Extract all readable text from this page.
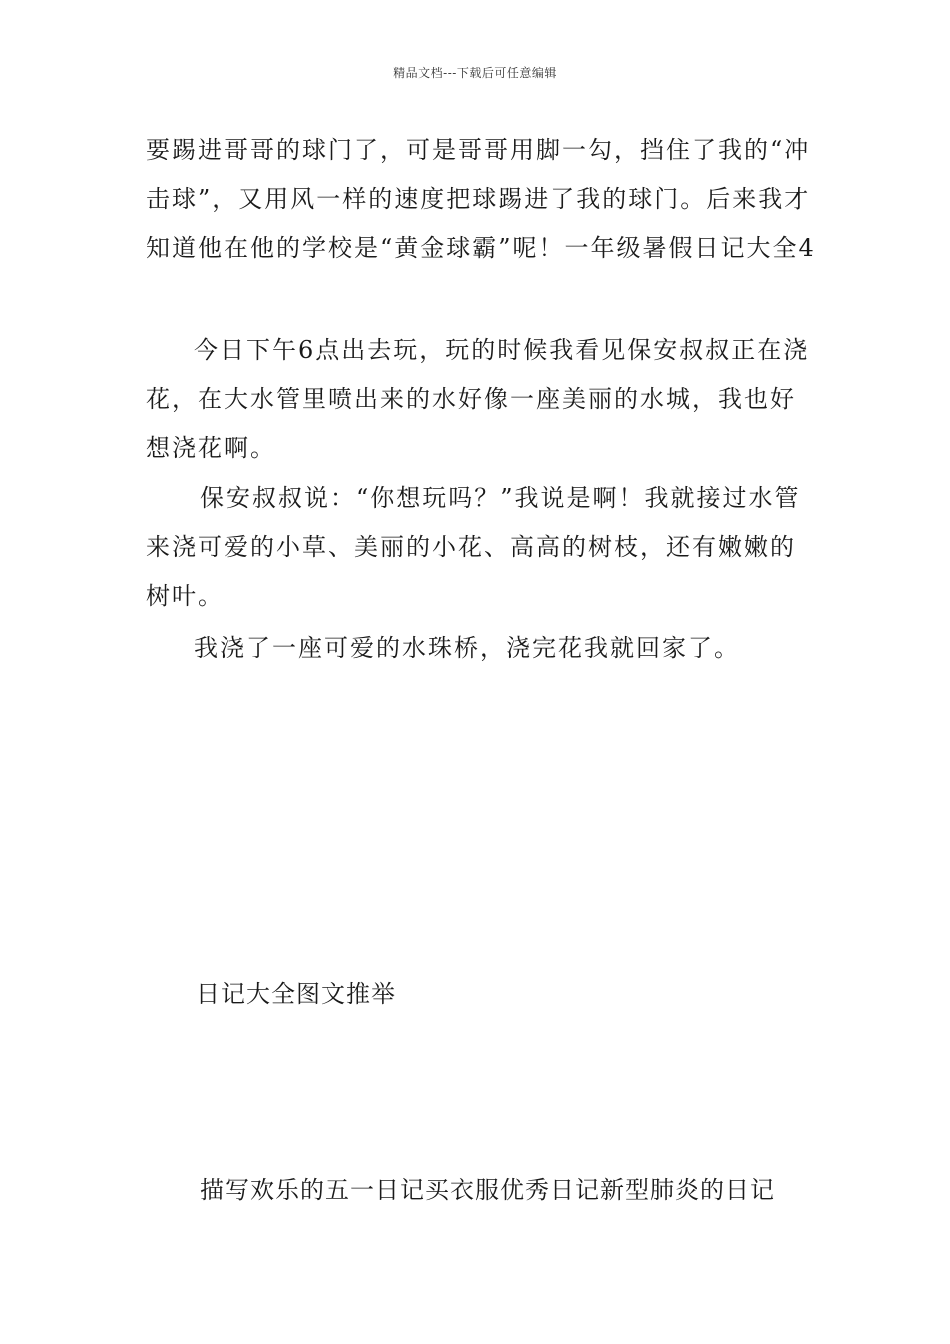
精品文档---下载后可任意编辑
要踢进哥哥的球门了，可是哥哥用脚一勾，挡住了我的“冲击球”，又用风一样的速度把球踢进了我的球门。后来我才知道他在他的学校是“黄金球霸”呢！一年级暑假日记大全4
今日下午6点出去玩，玩的时候我看见保安叔叔正在浇花，在大水管里喷出来的水好像一座美丽的水城，我也好想浇花啊。
保安叔叔说：“你想玩吗？”我说是啊！我就接过水管来浇可爱的小草、美丽的小花、高高的树枝，还有嫩嫩的树叶。
我浇了一座可爱的水珠桥，浇完花我就回家了。
日记大全图文推举
描写欢乐的五一日记买衣服优秀日记新型肺炎的日记
